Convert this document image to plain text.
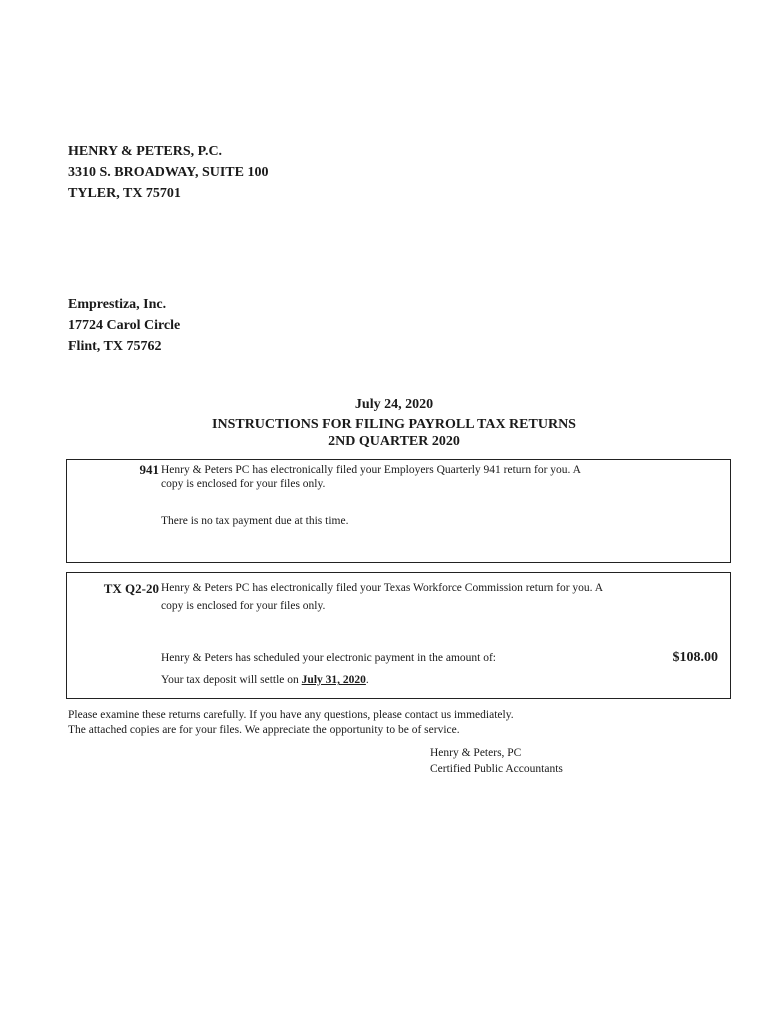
HENRY & PETERS, P.C.
3310 S. BROADWAY, SUITE 100
TYLER, TX 75701
Emprestiza, Inc.
17724 Carol Circle
Flint, TX 75762
July 24, 2020
INSTRUCTIONS FOR FILING PAYROLL TAX RETURNS
2ND QUARTER 2020
941 Henry & Peters PC has electronically filed your Employers Quarterly 941 return for you. A
copy is enclosed for your files only.
There is no tax payment due at this time.
TX Q2-20 Henry & Peters PC has electronically filed your Texas Workforce Commission return for you. A
copy is enclosed for your files only.
Henry & Peters has scheduled your electronic payment in the amount of:	$108.00
Your tax deposit will settle on July 31, 2020.
Please examine these returns carefully. If you have any questions, please contact us immediately.
The attached copies are for your files. We appreciate the opportunity to be of service.
Henry & Peters, PC
Certified Public Accountants
